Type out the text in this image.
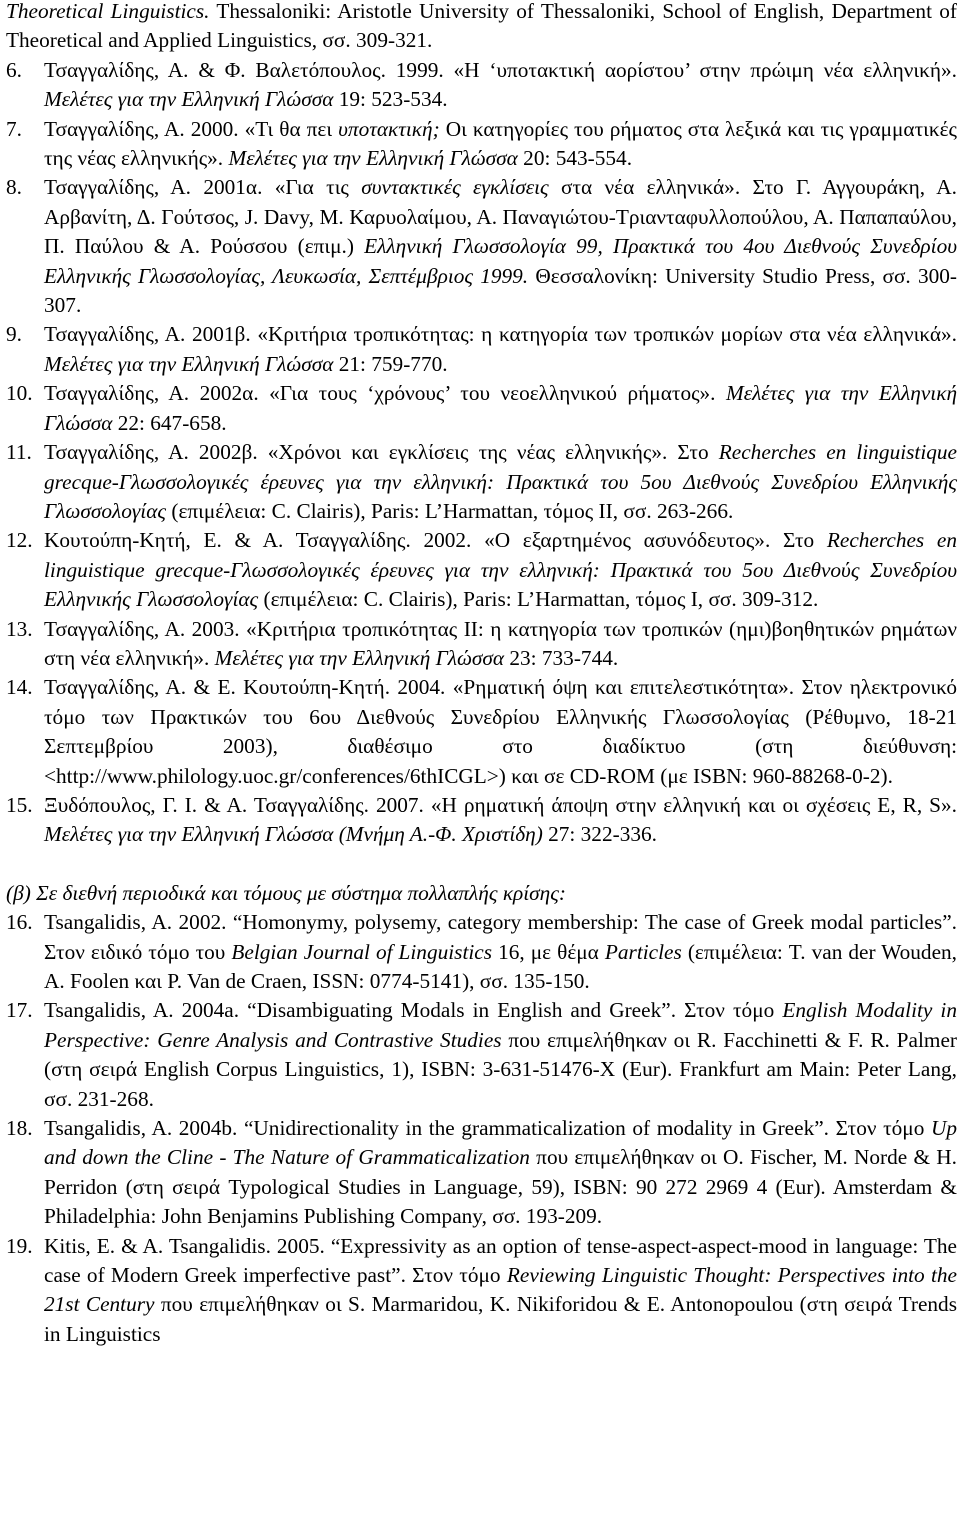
Theoretical Linguistics. Thessaloniki: Aristotle University of Thessaloniki, School of English, Department of Theoretical and Applied Linguistics, σσ. 309-321.
6. Τσαγγαλίδης, Α. & Φ. Βαλετόπουλος. 1999. «Η ‘υποτακτική αορίστου’ στην πρώιμη νέα ελληνική». Μελέτες για την Ελληνική Γλώσσα 19: 523-534.
7. Τσαγγαλίδης, Α. 2000. «Τι θα πει υποτακτική; Οι κατηγορίες του ρήματος στα λεξικά και τις γραμματικές της νέας ελληνικής». Μελέτες για την Ελληνική Γλώσσα 20: 543-554.
8. Τσαγγαλίδης, Α. 2001α. «Για τις συντακτικές εγκλίσεις στα νέα ελληνικά». Στο Γ. Αγγουράκη, Α. Αρβανίτη, Δ. Γούτσος, J. Davy, Μ. Καρυολαίμου, Α. Παναγιώτου-Τριανταφυλλοπούλου, Α. Παπαπαύλου, Π. Παύλου & Α. Ρούσσου (επιμ.) Ελληνική Γλωσσολογία 99, Πρακτικά του 4ου Διεθνούς Συνεδρίου Ελληνικής Γλωσσολογίας, Λευκωσία, Σεπτέμβριος 1999. Θεσσαλονίκη: University Studio Press, σσ. 300-307.
9. Τσαγγαλίδης, Α. 2001β. «Κριτήρια τροπικότητας: η κατηγορία των τροπικών μορίων στα νέα ελληνικά». Μελέτες για την Ελληνική Γλώσσα 21: 759-770.
10. Τσαγγαλίδης, Α. 2002α. «Για τους ‘χρόνους’ του νεοελληνικού ρήματος». Μελέτες για την Ελληνική Γλώσσα 22: 647-658.
11. Τσαγγαλίδης, Α. 2002β. «Χρόνοι και εγκλίσεις της νέας ελληνικής». Στο Recherches en linguistique grecque-Γλωσσολογικές έρευνες για την ελληνική: Πρακτικά του 5ου Διεθνούς Συνεδρίου Ελληνικής Γλωσσολογίας (επιμέλεια: C. Clairis), Paris: L’Harmattan, τόμος ΙΙ, σσ. 263-266.
12. Κουτούπη-Κητή, Ε. & Α. Τσαγγαλίδης. 2002. «Ο εξαρτημένος ασυνόδευτος». Στο Recherches en linguistique grecque-Γλωσσολογικές έρευνες για την ελληνική: Πρακτικά του 5ου Διεθνούς Συνεδρίου Ελληνικής Γλωσσολογίας (επιμέλεια: C. Clairis), Paris: L’Harmattan, τόμος Ι, σσ. 309-312.
13. Τσαγγαλίδης, Α. 2003. «Κριτήρια τροπικότητας ΙΙ: η κατηγορία των τροπικών (ημι)βοηθητικών ρημάτων στη νέα ελληνική». Μελέτες για την Ελληνική Γλώσσα 23: 733-744.
14. Τσαγγαλίδης, Α. & Ε. Κουτούπη-Κητή. 2004. «Ρηματική όψη και επιτελεστικότητα». Στον ηλεκτρονικό τόμο των Πρακτικών του 6ου Διεθνούς Συνεδρίου Ελληνικής Γλωσσολογίας (Ρέθυμνο, 18-21 Σεπτεμβρίου 2003), διαθέσιμο στο διαδίκτυο (στη διεύθυνση: <http://www.philology.uoc.gr/conferences/6thICGL>) και σε CD-ROM (με ISBN: 960-88268-0-2).
15. Ξυδόπουλος, Γ. Ι. & Α. Τσαγγαλίδης. 2007. «Η ρηματική άποψη στην ελληνική και οι σχέσεις E, R, S». Μελέτες για την Ελληνική Γλώσσα (Μνήμη Α.-Φ. Χριστίδη) 27: 322-336.
(β) Σε διεθνή περιοδικά και τόμους με σύστημα πολλαπλής κρίσης:
16. Tsangalidis, A. 2002. “Homonymy, polysemy, category membership: The case of Greek modal particles”. Στον ειδικό τόμο του Belgian Journal of Linguistics 16, με θέμα Particles (επιμέλεια: T. van der Wouden, A. Foolen και P. Van de Craen, ISSN: 0774-5141), σσ. 135-150.
17. Tsangalidis, A. 2004a. “Disambiguating Modals in English and Greek”. Στον τόμο English Modality in Perspective: Genre Analysis and Contrastive Studies που επιμελήθηκαν οι R. Facchinetti & F. R. Palmer (στη σειρά English Corpus Linguistics, 1), ISBN: 3-631-51476-X (Eur). Frankfurt am Main: Peter Lang, σσ. 231-268.
18. Tsangalidis, A. 2004b. “Unidirectionality in the grammaticalization of modality in Greek”. Στον τόμο Up and down the Cline - The Nature of Grammaticalization που επιμελήθηκαν οι O. Fischer, M. Norde & H. Perridon (στη σειρά Typological Studies in Language, 59), ISBN: 90 272 2969 4 (Eur). Amsterdam & Philadelphia: John Benjamins Publishing Company, σσ. 193-209.
19. Kitis, E. & A. Tsangalidis. 2005. “Expressivity as an option of tense-aspect-aspect-mood in language: The case of Modern Greek imperfective past”. Στον τόμο Reviewing Linguistic Thought: Perspectives into the 21st Century που επιμελήθηκαν οι S. Marmaridou, K. Nikiforidou & E. Antonopoulou (στη σειρά Trends in Linguistics
